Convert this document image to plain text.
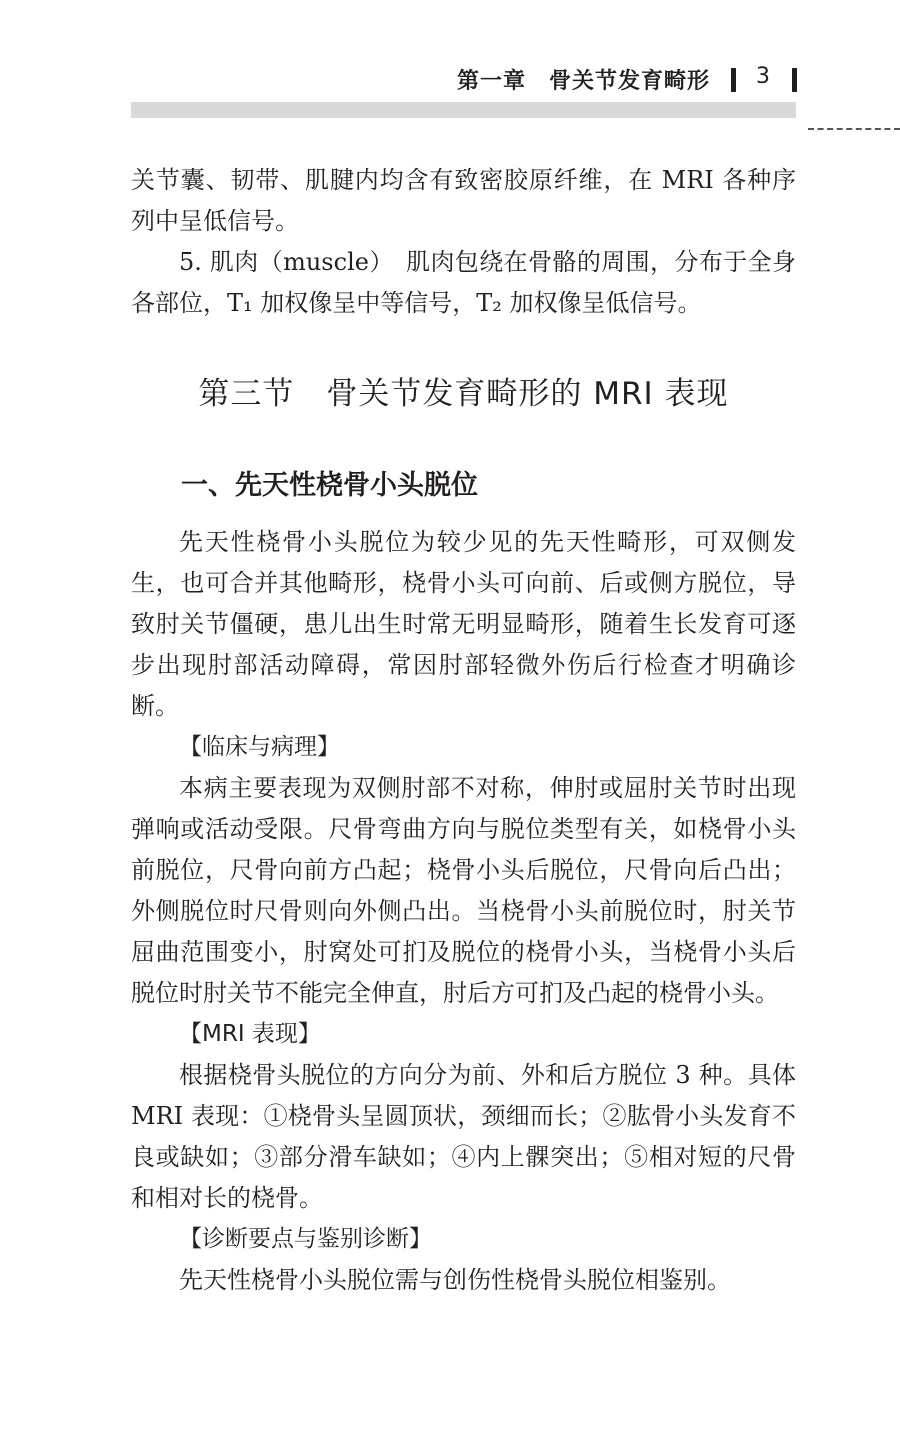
第一章　骨关节发育畸形 3

关节囊、韧带、肌腱内均含有致密胶原纤维，在 MRI 各种序列中呈低信号。

5. 肌肉（muscle）　肌肉包绕在骨骼的周围，分布于全身各部位，T₁ 加权像呈中等信号，T₂ 加权像呈低信号。

第三节　骨关节发育畸形的 MRI 表现
一、先天性桡骨小头脱位

先天性桡骨小头脱位为较少见的先天性畸形，可双侧发生，也可合并其他畸形，桡骨小头可向前、后或侧方脱位，导致肘关节僵硬，患儿出生时常无明显畸形，随着生长发育可逐步出现肘部活动障碍，常因肘部轻微外伤后行检查才明确诊断。

【临床与病理】

本病主要表现为双侧肘部不对称，伸肘或屈肘关节时出现弹响或活动受限。尺骨弯曲方向与脱位类型有关，如桡骨小头前脱位，尺骨向前方凸起；桡骨小头后脱位，尺骨向后凸出；外侧脱位时尺骨则向外侧凸出。当桡骨小头前脱位时，肘关节屈曲范围变小，肘窝处可扪及脱位的桡骨小头，当桡骨小头后脱位时肘关节不能完全伸直，肘后方可扪及凸起的桡骨小头。

【MRI 表现】

根据桡骨头脱位的方向分为前、外和后方脱位 3 种。具体 MRI 表现：①桡骨头呈圆顶状，颈细而长；②肱骨小头发育不良或缺如；③部分滑车缺如；④内上髁突出；⑤相对短的尺骨和相对长的桡骨。

【诊断要点与鉴别诊断】

先天性桡骨小头脱位需与创伤性桡骨头脱位相鉴别。
